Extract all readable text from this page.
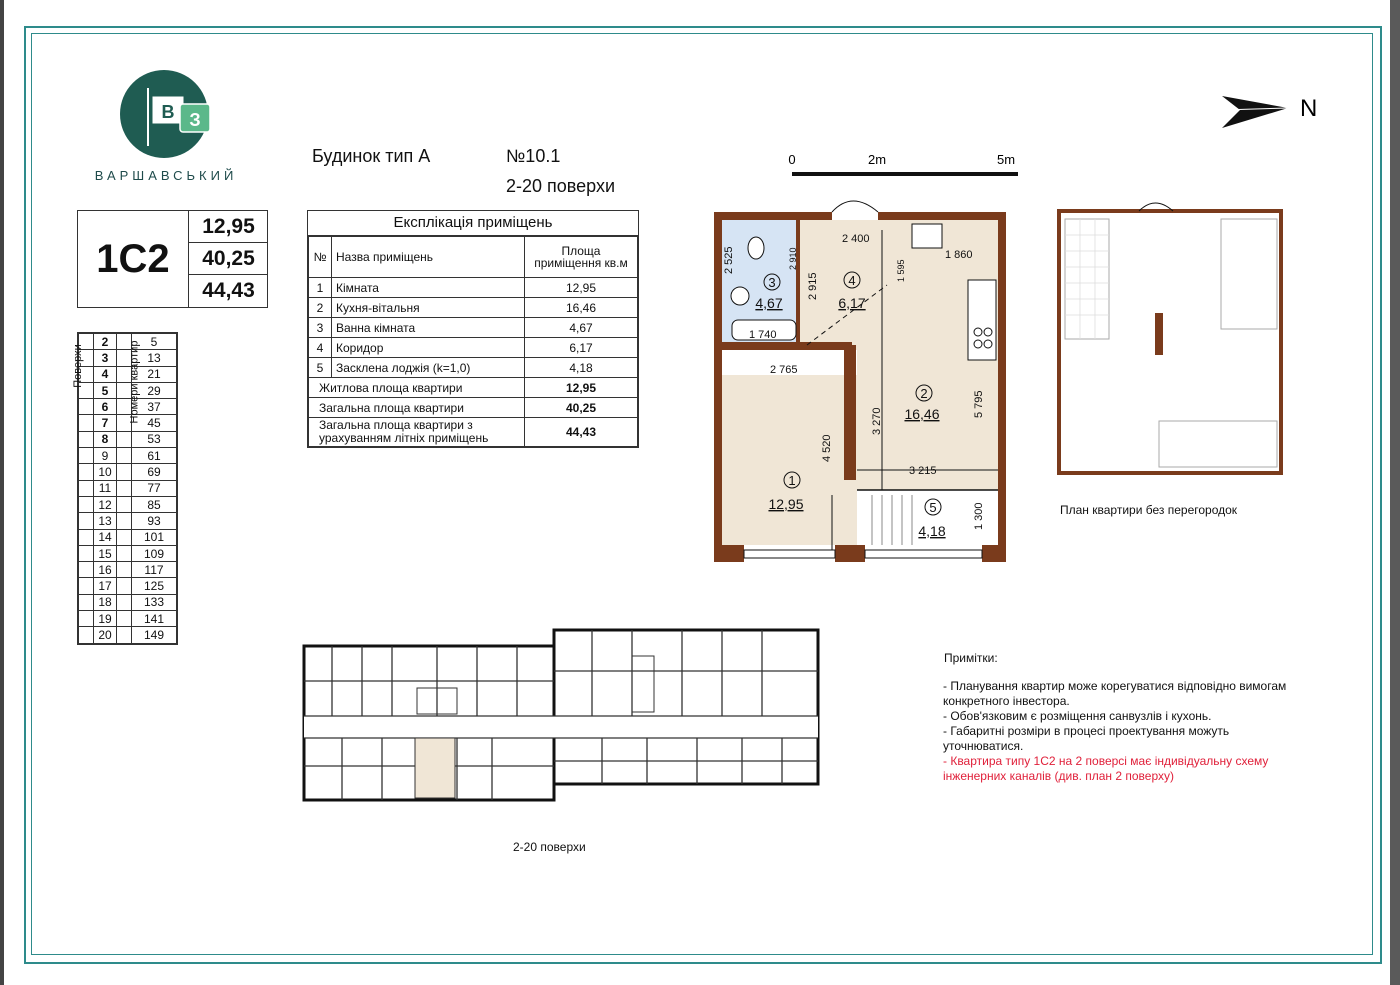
В З
ВАРШАВСЬКИЙ
1С2
12,95
40,25
44,43
	2		5
	3		13
	4		21
	5		29
	6		37
	7		45
	8		53
	9		61
	10		69
	11		77
	12		85
	13		93
	14		101
	15		109
	16		117
	17		125
	18		133
	19		141
	20		149
Поверхи	Номери квартир
Будинок тип А	№10.1
2-20 поверхи
Експлікація приміщень
№	Назва приміщень	Площа приміщення кв.м
1	Кімната	12,95
2	Кухня-вітальня	16,46
3	Ванна кімната	4,67
4	Коридор	6,17
5	Засклена лоджія (k=1,0)	4,18
Житлова площа квартири		12,95
Загальна площа квартири		40,25
Загальна площа квартири з урахуванням літніх приміщень		44,43
0	2m	5m
N
1
12,95
2
16,46
3
4,67
4
6,17
5
4,18
2 400
1 860
2 525
2 915
1 740
2 765
4 520
3 270
5 795
3 215
1 300
1 595
2 910
План квартири без перегородок
2-20 поверхи
Примітки:
- Планування квартир може корегуватися відповідно вимогам конкретного інвестора.
- Обов'язковим є розміщення санвузлів і кухонь.
- Габаритні розміри в процесі проектування можуть уточнюватися.
- Квартира типу 1С2 на 2 поверсі має індивідуальну схему інженерних каналів (див. план 2 поверху)
